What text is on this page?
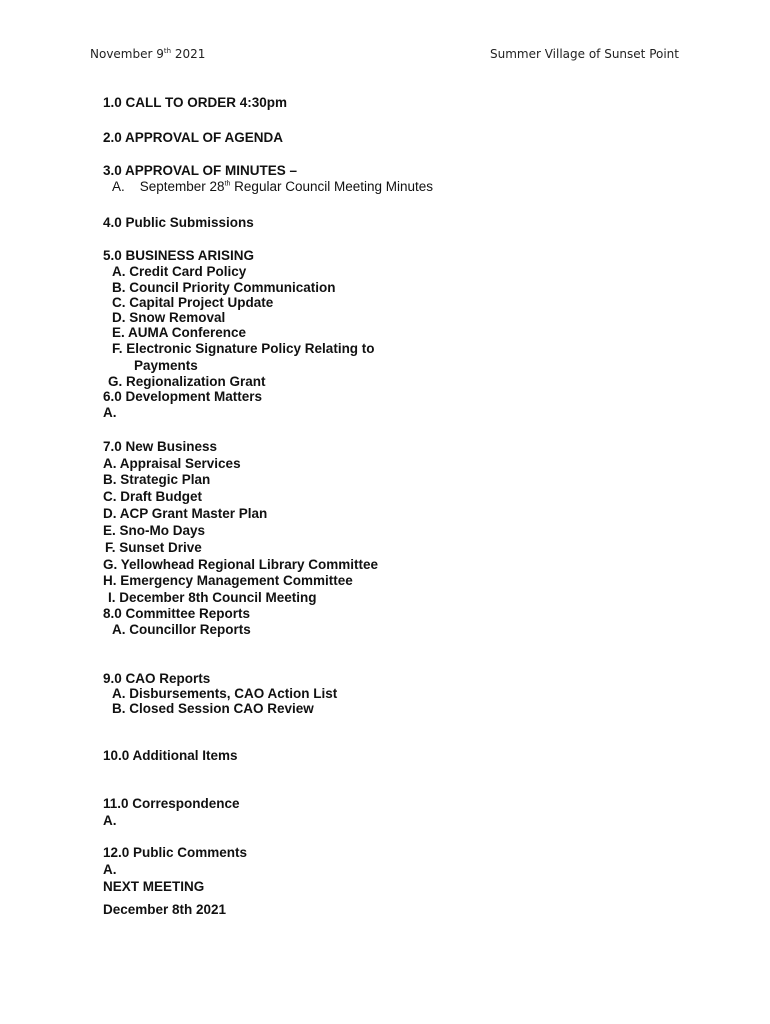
November 9th 2021	Summer Village of Sunset Point
1.0 CALL TO ORDER 4:30pm
2.0 APPROVAL OF AGENDA
3.0 APPROVAL OF MINUTES –
A. September 28th Regular Council Meeting Minutes
4.0 Public Submissions
5.0 BUSINESS ARISING
A. Credit Card Policy
B. Council Priority Communication
C. Capital Project Update
D. Snow Removal
E. AUMA Conference
F. Electronic Signature Policy Relating to
Payments
G. Regionalization Grant
6.0 Development Matters
A.
7.0 New Business
A. Appraisal Services
B. Strategic Plan
C. Draft Budget
D. ACP Grant Master Plan
E. Sno-Mo Days
F. Sunset Drive
G. Yellowhead Regional Library Committee
H. Emergency Management Committee
I. December 8th Council Meeting
8.0 Committee Reports
A. Councillor Reports
9.0 CAO Reports
A. Disbursements, CAO Action List
B. Closed Session CAO Review
10.0 Additional Items
11.0 Correspondence
A.
12.0 Public Comments
A.
NEXT MEETING
December 8th 2021
